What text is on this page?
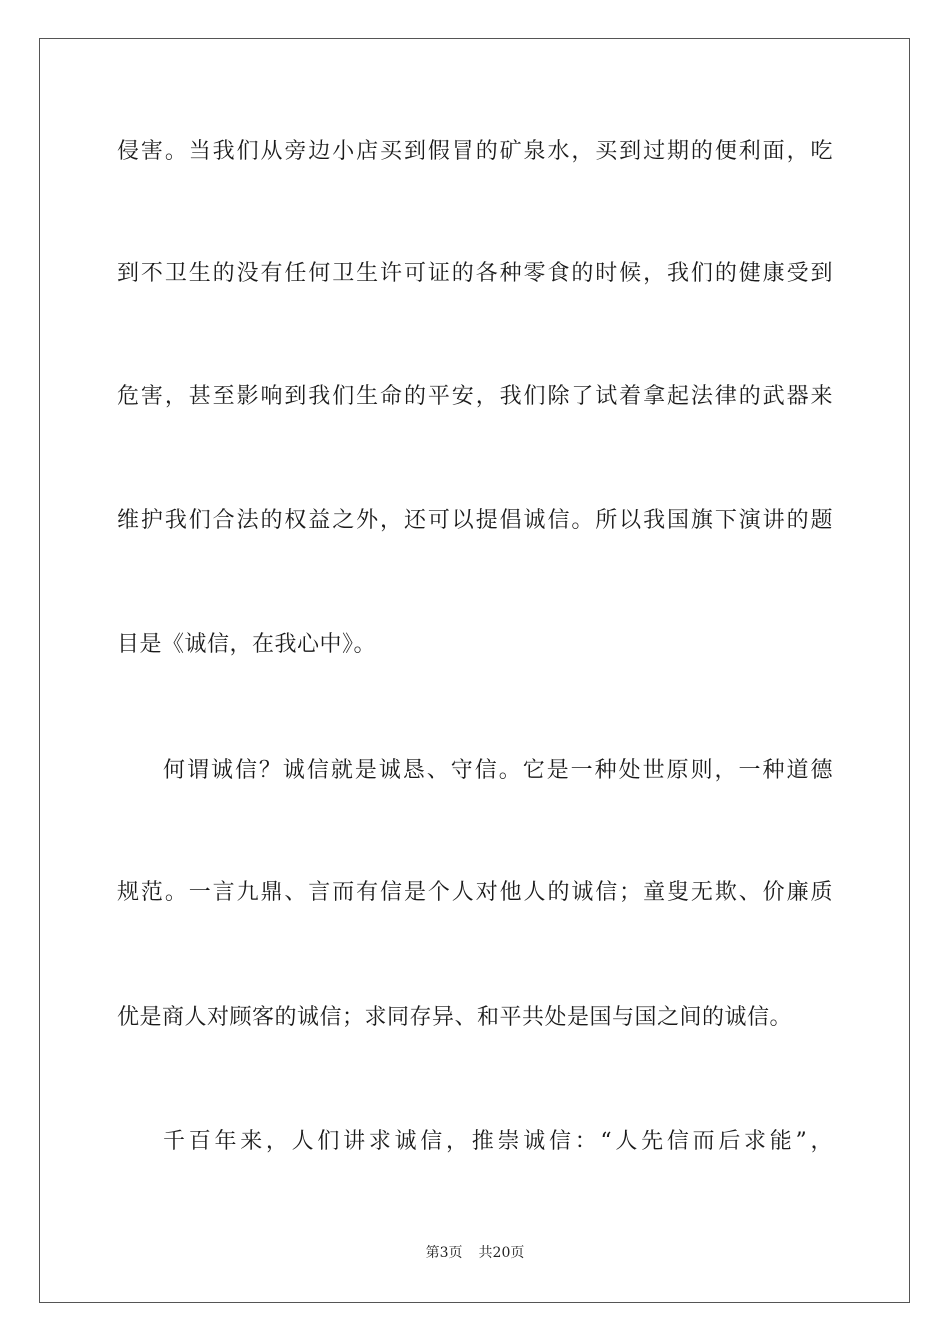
侵害。当我们从旁边小店买到假冒的矿泉水，买到过期的便利面，吃
到不卫生的没有任何卫生许可证的各种零食的时候，我们的健康受到
危害，甚至影响到我们生命的平安，我们除了试着拿起法律的武器来
维护我们合法的权益之外，还可以提倡诚信。所以我国旗下演讲的题
目是《诚信，在我心中》。
何谓诚信？诚信就是诚恳、守信。它是一种处世原则，一种道德
规范。一言九鼎、言而有信是个人对他人的诚信；童叟无欺、价廉质
优是商人对顾客的诚信；求同存异、和平共处是国与国之间的诚信。
千百年来，人们讲求诚信，推崇诚信：“人先信而后求能”，
第3页 共20页
